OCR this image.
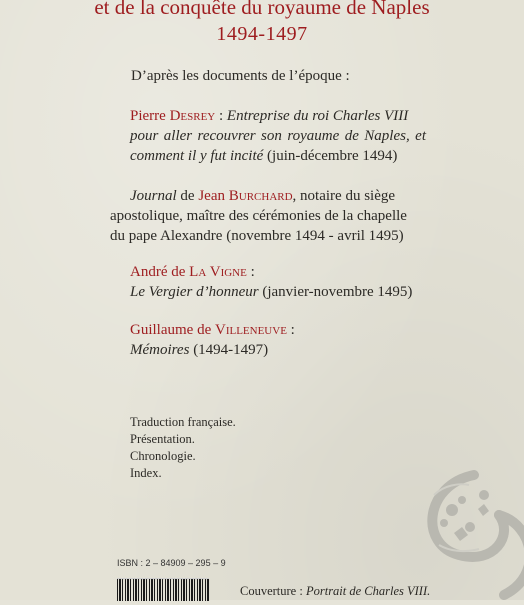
et de la conquête du royaume de Naples
1494-1497
D’après les documents de l’époque :
Pierre Desrey : Entreprise du roi Charles VIII
pour aller recouvrer son royaume de Naples, et
comment il y fut incité (juin-décembre 1494)
Journal de Jean Burchard, notaire du siège
apostolique, maître des cérémonies de la chapelle
du pape Alexandre (novembre 1494 - avril 1495)
André de La Vigne :
Le Vergier d’honneur (janvier-novembre 1495)
Guillaume de Villeneuve :
Mémoires (1494-1497)
Traduction française.
Présentation.
Chronologie.
Index.
ISBN : 2 – 84909 – 295 – 9
Couverture : Portrait de Charles VIII.
